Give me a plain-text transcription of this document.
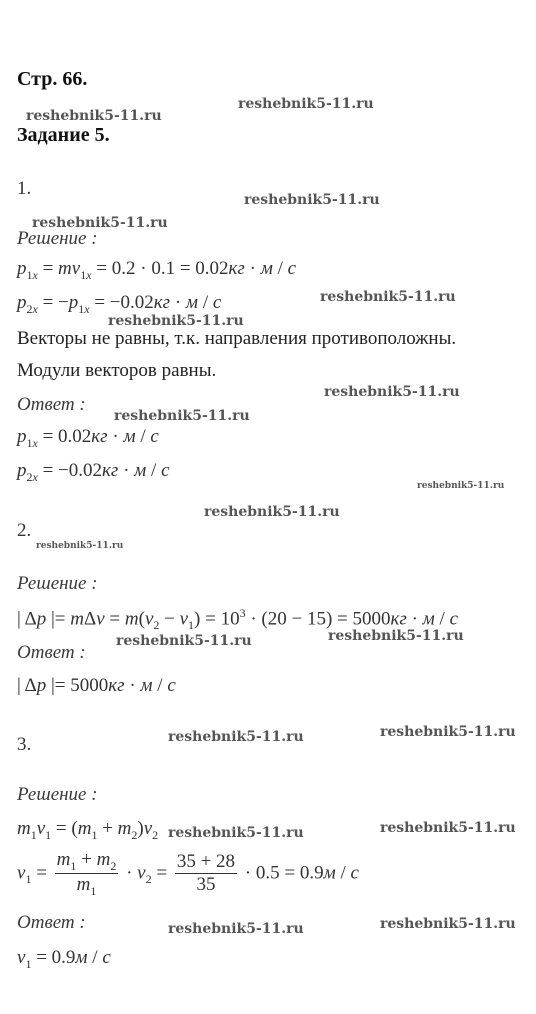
Стр. 66.
Задание 5.
1.
Решение :
$p_{1x} = mv_{1x} = 0.2 \cdot 0.1 = 0.02кг \cdot м / с$
$p_{2x} = -p_{1x} = -0.02кг \cdot м / с$
Векторы не равны, т.к. направления противоположны.
Модули векторов равны.
Ответ :
$p_{1x} = 0.02кг \cdot м / с$
$p_{2x} = -0.02кг \cdot м / с$
2.
Решение :
| Δp |= $m\Delta v = m(v_2 - v_1) = 10^3 \cdot (20 - 15) = 5000кг \cdot м / с$
Ответ :
| Δp |= 5000кг · м / с
3.
Решение :
$m_1v_1 = (m_1 + m_2)v_2$
$v_1 = \frac{m_1 + m_2}{m_1} \cdot v_2 = \frac{35 + 28}{35} \cdot 0.5 = 0.9м / с$
Ответ :
$v_1 = 0.9м / с$
reshebnik5-11.ru
reshebnik5-11.ru
reshebnik5-11.ru
reshebnik5-11.ru
reshebnik5-11.ru
reshebnik5-11.ru
reshebnik5-11.ru
reshebnik5-11.ru
reshebnik5-11.ru
reshebnik5-11.ru
reshebnik5-11.ru
reshebnik5-11.ru
reshebnik5-11.ru
reshebnik5-11.ru
reshebnik5-11.ru
reshebnik5-11.ru
reshebnik5-11.ru
reshebnik5-11.ru
reshebnik5-11.ru
